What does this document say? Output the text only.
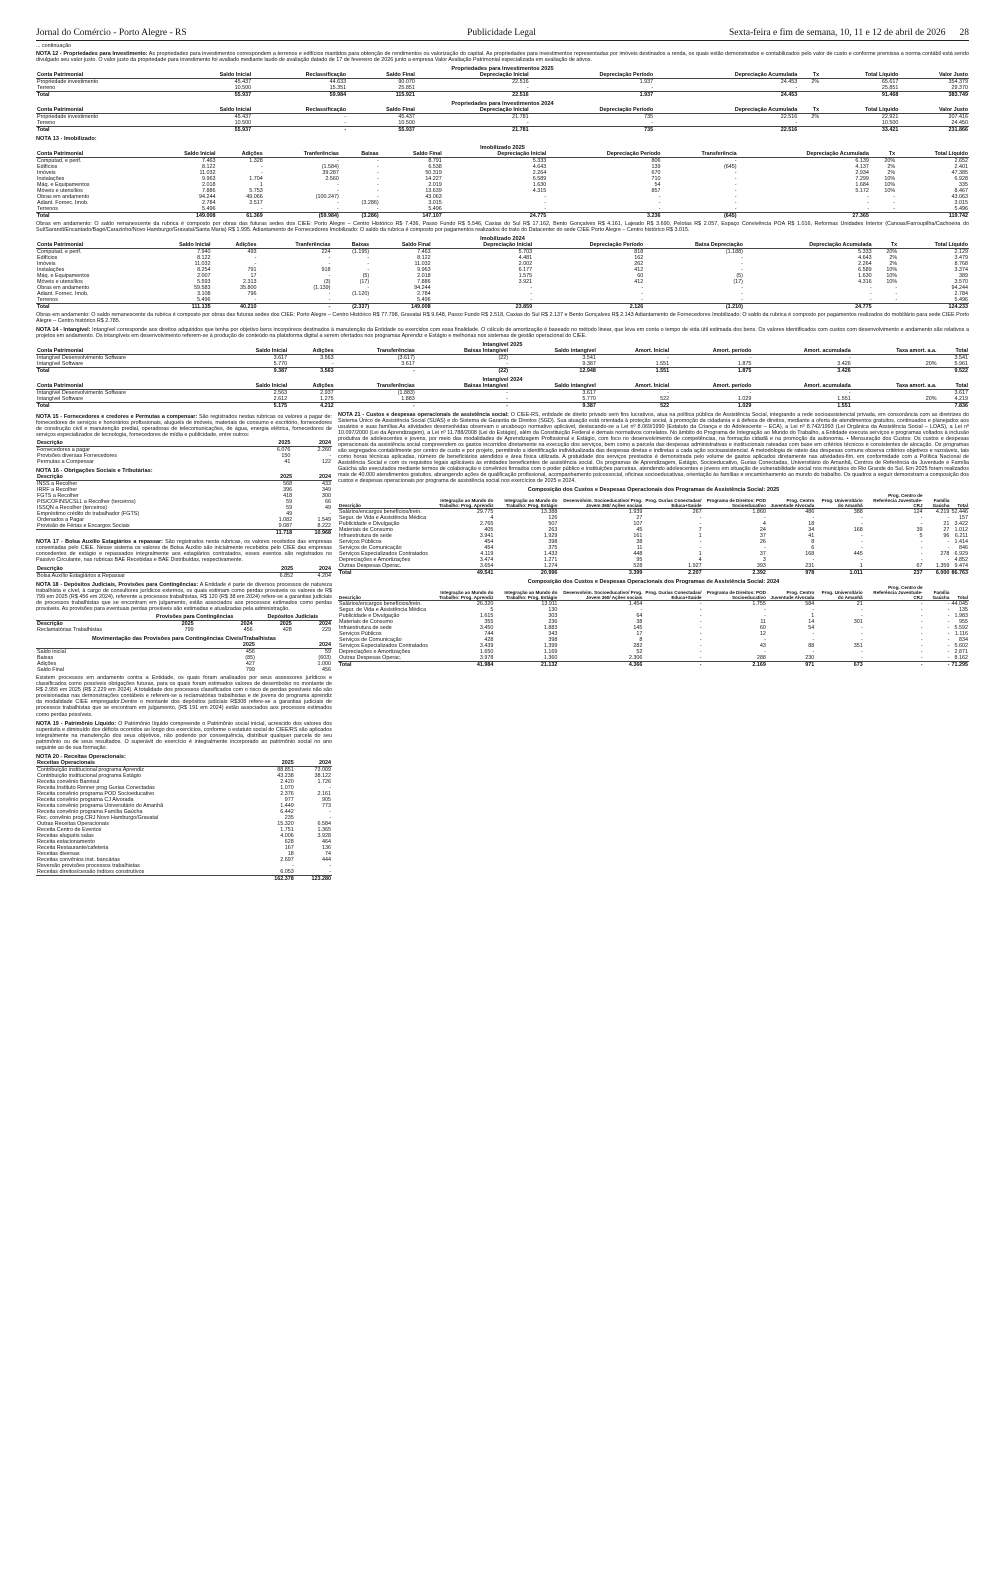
Jornal do Comércio - Porto Alegre - RS	Publicidade Legal	Sexta-feira e fim de semana, 10, 11 e 12 de abril de 2026 28
... continuação
NOTA 12 - Propriedades para Investimento: As propriedades para investimentos correspondem a terrenos e edifícios mantidos para obtenção de rendimentos ou valorização do capital. As propriedades para investimentos representadas por imóveis destinados a renda, os quais estão demonstrados e contabilizados pelo valor de custo e conforme premissa a norma contábil está sendo divulgado seu valor justo. O valor justo da propriedade para investimento foi avaliado mediante laudo de avaliação datado de 17 de fevereiro de 2026 junto a empresa Valor Avaliação Patrimonial especializada em avaliação de ativos.
Propriedades para Investimentos 2025
Conta Patrimonial	Saldo Inicial	Reclassificação	Saldo Final	Depreciação Inicial	Depreciação Período	Depreciação Acumulada	Tx	Total Líquido	Valor Justo
Propriedade investimento	45.437	44.633	90.070	22.516	1.937	24.453	2%	65.617	354.379
Terreno	10.500	15.351	25.851	-	-	-		25.851	29.370
Total	55.937	59.984	115.921	22.516	1.937	24.453		91.468	383.749
Propriedades para Investimentos 2024
Conta Patrimonial	Saldo Inicial	Reclassificação	Saldo Final	Depreciação Inicial	Depreciação Período	Depreciação Acumulada	Tx	Total Líquido	Valor Justo
Propriedade investimento	45.437	-	45.437	21.781	735	22.516	2%	22.921	207.416
Terreno	10.500	-	10.500	-	-	-		10.500	24.450
Total	55.937	-	55.937	21.781	735	22.516		33.421	231.866
NOTA 13 - Imobilizado:
Imobilizado 2025
Conta Patrimonial	Saldo Inicial	Adições	Tranferências	Baixas	Saldo Final	Depreciação Inicial	Depreciação Período	Transferência	Depreciação Acumulada	Tx	Total Líquido
Computad. e perif.	7.463	1.328	-	-	8.791	5.333	806	-	6.139	20%	2.652
Edifícios	8.122	-	(1.584)	-	6.538	4.643	139	(645)	4.137	2%	2.401
Imóveis	11.032	-	39.287	-	50.319	2.264	670	-	2.934	2%	47.385
Instalações	9.963	1.704	2.560	-	14.227	6.589	710	-	7.299	10%	6.928
Máq. e Equipamentos	2.018	1	-	-	2.019	1.630	54	-	1.684	10%	335
Móveis e utensílios	7.886	5.753	-	-	13.639	4.315	857	-	5.172	10%	8.467
Obras em andamento	94.244	49.066	(100.247)	-	43.063	-	-	-	-	-	43.063
Adiant. Fornec. Imob.	2.784	3.517	-	(3.286)	3.015	-	-	-	-	-	3.015
Terrenos	5.496	-	-	-	5.496	-	-	-	-	-	5.496
Total	149.008	61.369	(59.984)	(3.286)	147.107	24.775	3.236	(645)	27.365		119.742
Obras em andamento: O saldo remanescente da rubrica é composto por obras das futuras sedes dos CIEE: Porto Alegre – Centro Histórico R$ 7.436, Passo Fundo R$ 5.546, Caxias do Sul R$ 17.162, Bento Gonçalves R$ 4.161, Lajeado R$ 3.690, Pelotas R$ 2.057, Espaço Convivência POA R$ 1.016, Reformas Unidades Interior (Canoas/Farroupilha/Cachoeira do Sul/Sarandi/Encantado/Bagé/Carazinho/Novo Hamburgo/Gravataí/Santa Maria) R$ 1.995. Adiantamento de Fornecedores Imobilizado: O saldo da rubrica é composto por pagamentos realizados do trato do Datacenter do sede CIEE Porto Alegre – Centro histórico R$ 3.015.
Imobilizado 2024
Conta Patrimonial	Saldo Inicial	Adições	Tranferências	Baixas	Saldo Final	Depreciação Inicial	Depreciação Período	Baixa Depreciação	Depreciação Acumulada	Tx	Total Líquido
Computad. e perif.	7.940	493	224	(1.195)	7.463	5.703	818	(1.188)	5.333	20%	2.129
Edifícios	8.122	-	-	-	8.122	4.481	162	-	4.643	2%	3.479
Imóveis	11.032	-	-	-	11.032	2.002	262	-	2.264	2%	8.768
Instalações	8.254	791	918	-	9.963	6.177	412	-	6.589	10%	3.374
Máq. e Equipamentos	2.007	17	-	(5)	2.018	1.575	60	(5)	1.630	10%	389
Móveis e utensílios	5.593	2.313	(3)	(17)	7.886	3.921	412	(17)	4.316	10%	3.570
Obras em andamento	59.583	35.800	(1.139)	-	94.244	-	-	-	-	-	94.244
Adiant. Fornec. Imob.	3.108	796	-	(1.120)	2.784	-	-	-	-	-	2.784
Terrenos	5.496	-	-	-	5.496	-	-	-	-	-	5.496
Total	111.135	40.210	-	(2.337)	149.008	23.859	2.126	(1.210)	24.775		124.233
Obras em andamento: O saldo remanescente da rubrica é composto por obras das futuras sedes dos CIEE: Porto Alegre – Centro Histórico R$ 77.798, Gravataí R$ 9.648, Passo Fundo R$ 2.518, Caxias do Sul R$ 2.137 e Bento Gonçalves R$ 2.143 Adiantamento de Fornecedores Imobilizado: O saldo da rubrica é composto por pagamentos realizados do mobiliário para sede CIEE Porto Alegre – Centro histórico R$ 2.785.
NOTA 14 - Intangível: Intangível corresponde aos direitos adquiridos que tenha por objetivo bens incorpóreos destinados à manutenção da Entidade ou exercidos com essa finalidade. O cálculo de amortização é baseado no método linear, que leva em conta o tempo de vida útil estimada dos bens. Os valores identificados com custos com desenvolvimento e andamento são relativos a projetos em andamento. Os intangíveis em desenvolvimento referem-se à produção de conteúdo na plataforma digital a serem ofertados nos programas Aprendiz e Estágio e melhorias nos sistemas de gestão operacional do CIEE.
Intangível 2025
Conta Patrimonial	Saldo Inicial	Adições	Transferências	Baixas Intangível	Saldo intangível	Amort. Inicial	Amort. período	Amort. acumulada	Taxa amort. a.a.	Total
Intangível Desenvolvimento Software	3.617	3.563	(3.617)	(22)	3.541	-	-	-		3.541
Intangível Software	5.770	-	3.617	-	9.387	1.551	1.875	3.426	20%	5.961
Total	9.387	3.563	-	(22)	12.948	1.551	1.875	3.426		9.522
Intangível 2024
Conta Patrimonial	Saldo Inicial	Adições	Transferências	Baixas Intangível	Saldo intangível	Amort. Inicial	Amort. período	Amort. acumulada	Taxa amort. a.a.	Total
Intangível Desenvolvimento Software	2.563	2.937	(1.883)	-	3.617	-	-	-		3.617
Intangível Software	2.612	1.275	1.883	-	5.770	522	1.029	1.551	20%	4.219
Total	5.175	4.212	-	-	9.387	522	1.029	1.551		7.836
NOTA 15 - Fornecedores e credores e Permutas a compensar: São registrados nestas rubricas os valores a pagar de: fornecedores de serviços e honorários profissionais, aluguéis de imóveis, materiais de consumo e escritório, fornecedores de construção civil e manutenção predial, operadoras de telecomunicações, de água, energia elétrica, fornecedores de serviços especializados de tecnologia, fornecedores de mídia e publicidade, entre outros:
Descrição	2025	2024
Fornecedores a pagar	6.076	2.260
Provisões diversas Fornecedores	150	-
Permutas a Compensar	41	122
NOTA 16 - Obrigações Sociais e Tributárias:
Descrição	2025	2024
INSS a Recolher	568	433
IRRF a Recolher	396	349
FGTS a Recolher	418	300
PIS/COFINS/CSLL a Recolher (terceiros)	59	66
ISSQN a Recolher (terceiros)	59	49
Empréstimo crédito do trabalhador (FGTS)	49	-
Ordenados a Pagar	1.082	1.549
Provisão de Férias e Encargos Sociais	9.087	8.222
	11.718	10.968
NOTA 17 - Bolsa Auxílio Estagiários a repassar: São registrados nesta rubricas, os valores recebidos das empresas conveniadas pelo CIEE. Nesse sistema os valores de Bolsa Auxílio são inicialmente recebidos pelo CIEE das empresas concedentes de estágio e repassados integralmente aos estagiários contratados, esses eventos são registrados no Passivo Circulante, nas rubricas BAE Recebidas e BAE Distribuídas, respectivamente.
Descrição	2025	2024
Bolsa Auxílio Estagiários a Repassar	6.852	4.204
NOTA 18 - Depósitos Judiciais, Provisões para Contingências: A Entidade é parte de diversos processos de natureza trabalhista e cível, à cargo de consultores jurídicos externos, os quais estimam como perdas prováveis os valores de R$ 799 em 2025 (R$ 456 em 2024), referente a processos trabalhistas, R$ 120 (R$ 38 em 2024) refere-se a garantias judiciais de processos trabalhistas que se encontram em julgamento, estão associados aos processos estimados como perdas prováveis. As provisões para eventuais perdas prováveis são estimadas e atualizadas pela administração.
	Provisões para Contingências		Depósitos Judiciais	
Descrição	2025	2024	2025	2024
Reclamatórias Trabalhistas	799	456	428	229
Movimentação das Provisões para Contingências Cíveis/Trabalhistas
	2025	2024
Saldo inicial	456	59
Baixas	(85)	(603)
Adições	427	1.000
Saldo Final	799	456
Existem processos em andamento contra a Entidade, os quais foram analisados por seus assessores jurídicos e classificados como possíveis obrigações futuras, para os quais foram estimados valores de desembolso no montante de R$ 2.955 em 2025 (R$ 2.229 em 2024). A totalidade dos processos classificados com o risco de perdas possíveis não são provisionadas nas demonstrações contábeis e referem-se a reclamatórias trabalhistas e de jovens do programa aprendiz da modalidade CIEE empregador.Dentre o montante dos depósitos judiciais R$308 refere-se a garantias judiciais de processos trabalhistas que se encontram em julgamento, (R$ 191 em 2024) estão associados aos processos estimados como perdas possíveis.
NOTA 19 - Patrimônio Líquido: O Patrimônio líquido compreende o Patrimônio social inicial, acrescido dos valores dos superávits e diminuído dos déficits ocorridos ao longo dos exercícios, conforme o estatuto social do CIEE/RS são aplicados integralmente na manutenção dos seus objetivos, não podendo por consequência, distribuir qualquer parcela do seu patrimônio ou de seus resultados. O superávit do exercício é integralmente incorporado ao patrimônio social no ano seguinte ao de sua formação.
NOTA 20 - Receitas Operacionais:
Receitas Operacionais	2025	2024
Contribuição institucional programa Aprendiz	88.851	73.009
Contribuição institucional programa Estágio	43.238	38.122
Receita convênio Banrisul	2.420	1.726
Receita Instituto Renner prog Gurias Conectadas	1.070	-
Receita convênio programa POD Socioeducativo	2.376	2.161
Receita convênio programa CJ Alvorada	977	905
Receita convênio programa Universitário do Amanhã	1.449	773
Receita convênio programa Família Gaúcha	6.442	-
Rec. convênio prog.CRJ Novo Hamburgo/Gravataí	235	-
Outras Receitas Operacionais	15.320	6.584
Receita Centro de Eventos	1.751	1.365
Receitas aluguéis salas	4.006	3.928
Receita estacionamento	628	464
Receita Restaurante/cafeteria	167	136
Receitas diversas	18	74
Receitas convênios inst. bancárias	2.697	444
Reversão provisões processos trabalhistas	-	-
Receitas direitos/cessão índices construtivos	6.053	-
	162.378	123.280
NOTA 21 - Custos e despesas operacionais de assistência social: O CIEE-RS, entidade de direito privado sem fins lucrativos, atua na política pública de Assistência Social, integrando a rede socioassistencial privada, em consonância com as diretrizes do Sistema Único de Assistência Social (SUAS) e do Sistema de Garantia de Direitos (SGD). Sua atuação está orientada à proteção social, à promoção da cidadania e à defesa de direitos, mediante a oferta de atendimentos gratuitos, continuados e planejados aos usuários e suas famílias.As atividades desenvolvidas observam o arcabouço normativo aplicável, destacando-se a Lei nº 8.069/1990 (Estatuto da Criança e do Adolescente – ECA), a Lei nº 8.742/1993 (Lei Orgânica da Assistência Social – LOAS), a Lei nº 10.097/2000 (Lei da Aprendizagem), a Lei nº 11.788/2008 (Lei do Estágio), além da Constituição Federal e demais normativos correlatos. No âmbito do Programa de Integração ao Mundo do Trabalho, a Entidade executa serviços e programas voltados à inclusão produtiva de adolescentes e jovens, por meio das modalidades de Aprendizagem Profissional e Estágio, com foco no desenvolvimento de competências, na formação cidadã e na promoção da autonomia. • Mensuração dos Custos: Os custos e despesas operacionais da assistência social compreendem os gastos incorridos diretamente na execução dos serviços, bem como a parcela das despesas administrativas e institucionais rateadas com base em critérios técnicos e consistentes de alocação. Os programas são segregados contabilmente por centro de custo e por projeto, permitindo a identificação individualizada das despesas diretas e indiretas a cada ação socioassistencial. A metodologia de rateio das despesas comuns observa critérios objetivos e razoáveis, tais como horas técnicas aplicadas, número de beneficiários atendidos e área física utilizada. A gratuidade dos serviços prestados é demonstrada pelo volume de gastos aplicados diretamente nas atividades-fim, em conformidade com a Política Nacional de Assistência Social e com os requisitos legais aplicáveis às entidades beneficentes de assistência social. Os programas de Aprendizagem, Estágio, Socioeducativo, Gurias Conectadas, Universitário do Amanhã, Centros de Referência da Juventude e Família Gaúcha são executados mediante termos de colaboração e convênios firmados com o poder público e instituições parceiras, atendendo adolescentes e jovens em situação de vulnerabilidade social nos municípios do Rio Grande do Sul. Em 2025 foram realizados mais de 40.000 atendimentos gratuitos, abrangendo ações de qualificação profissional, acompanhamento psicossocial, oficinas socioeducativas, orientação às famílias e encaminhamento ao mundo do trabalho. Os quadros a seguir demonstram a composição dos custos e despesas operacionais por programa de assistência social nos exercícios de 2025 e 2024.
Composição dos Custos e Despesas Operacionais dos Programas de Assistência Social: 2025
Descrição	Integração ao Mundo do Trabalho: Prog. Aprendiz	Integração ao Mundo do Trabalho: Prog. Estágio	Desenvolvim. Socioeducativo/ Prog. Jovem 360/ Ações sociais	Prog. Gurias Conectadas/ Educa+Saúde	Programa de Direitos: POD Socioeducativo	Prog. Centro Juventude Alvorada	Prog. Universitário do Amanhã	Prog. Centro de Referência Juventude- CRJ	Família Gaúcha	Total
Salários/encargos benefícios/trein.	29.775	13.388	1.939	267	1.860	486	388	124	4.219	52.446
Segur. de Vida e Assistência Médica	4	126	27	-	-	-	-	-	-	157
Publicidade e Divulgação	2.765	507	107	-	4	18	-	-	21	3.422
Materiais de Consumo	405	263	45	7	24	34	168	39	27	1.012
Infraestrutura de sede	3.941	1.929	161	1	37	41	-	5	96	6.211
Serviços Públicos	454	398	38	-	26	8	-	-	-	1.414
Serviços de Comunicação	454	375	11	-	-	6	-	-	-	846
Serviços Especializados Contratados	4.119	1.433	448	1	37	168	445	-	278	6.929
Depreciações e Amortizações	3.474	1.271	95	4	3	-	-	-	-	4.852
Outras Despesas Operac.	3.654	1.274	528	1.927	393	231	1	67	1.359	9.474
Total	49.541	20.996	3.399	2.207	2.392	978	1.011	237	6.000	86.763
Composição dos Custos e Despesas Operacionais dos Programas de Assistência Social: 2024
Descrição	Integração ao Mundo do Trabalho: Prog. Aprendiz	Integração ao Mundo do Trabalho: Prog. Estágio	Desenvolvim. Socioeducativo/ Prog. Jovem 360/ Ações sociais	Prog. Gurias Conectadas/ Educa+Saúde	Programa de Direitos: POD Socioeducativo	Prog. Centro Juventude Alvorada	Prog. Universitário do Amanhã	Prog. Centro de Referência Juventude- CRJ	Família Gaúcha	Total
Salários/encargos benefícios/trein.	26.320	13.911	1.454	-	1.755	584	21	-	-	44.045
Segur. de Vida e Assistência Médica	5	130	-	-	-	-	-	-	-	135
Publicidade e Divulgação	1.615	303	64	-	-	1	-	-	-	1.983
Materiais de Consumo	355	236	38	-	11	14	301	-	-	955
Infraestrutura de sede	3.450	1.883	145	-	60	54	-	-	-	5.592
Serviços Públicos	744	343	17	-	12	-	-	-	-	1.116
Serviços de Comunicação	428	398	8	-	-	-	-	-	-	834
Serviços Especializados Contratados	3.439	1.399	282	-	43	88	351	-	-	5.602
Depreciações e Amortizações	1.650	1.169	52	-	-	-	-	-	-	2.871
Outras Despesas Operac.	3.978	1.360	2.306	-	288	230	-	-	-	8.162
Total	41.984	21.132	4.366	-	2.169	971	673	-	-	71.295
